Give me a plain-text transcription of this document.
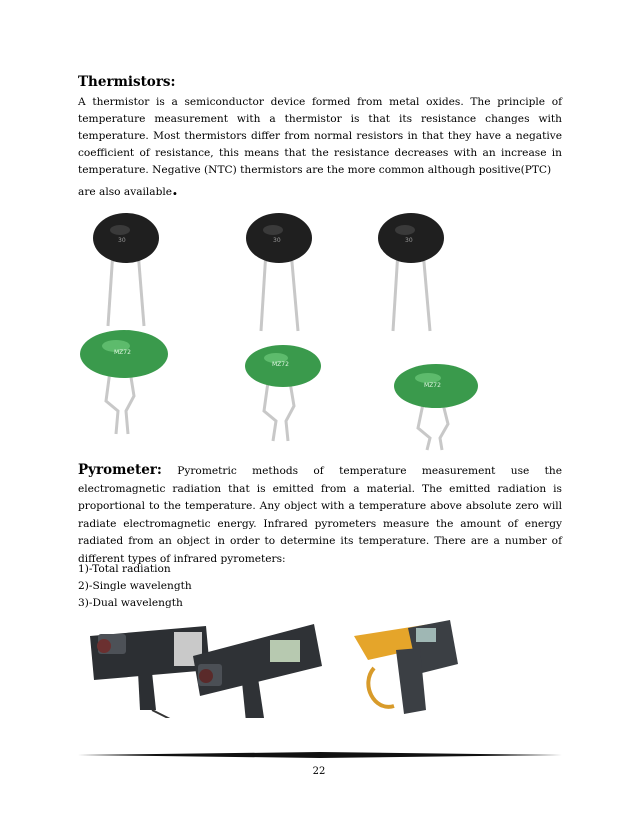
Thermistors:
A thermistor is a semiconductor device formed from metal oxides. The principle of temperature measurement with a thermistor is that its resistance changes with temperature. Most thermistors differ from normal resistors in that they have a negative coefficient of resistance, this means that the resistance decreases with an increase in temperature. Negative (NTC) thermistors are the more common although positive(PTC)
are also available.
30	30	30
MZ72
MZ72
MZ72
Pyrometer: Pyrometric methods of temperature measurement use the electromagnetic radiation that is emitted from a material. The emitted radiation is proportional to the temperature. Any object with a temperature above absolute zero will radiate electromagnetic energy. Infrared pyrometers measure the amount of energy radiated from an object in order to determine its temperature. There are a number of different types of infrared pyrometers:
1)-Total radiation
2)-Single wavelength
3)-Dual wavelength
22
